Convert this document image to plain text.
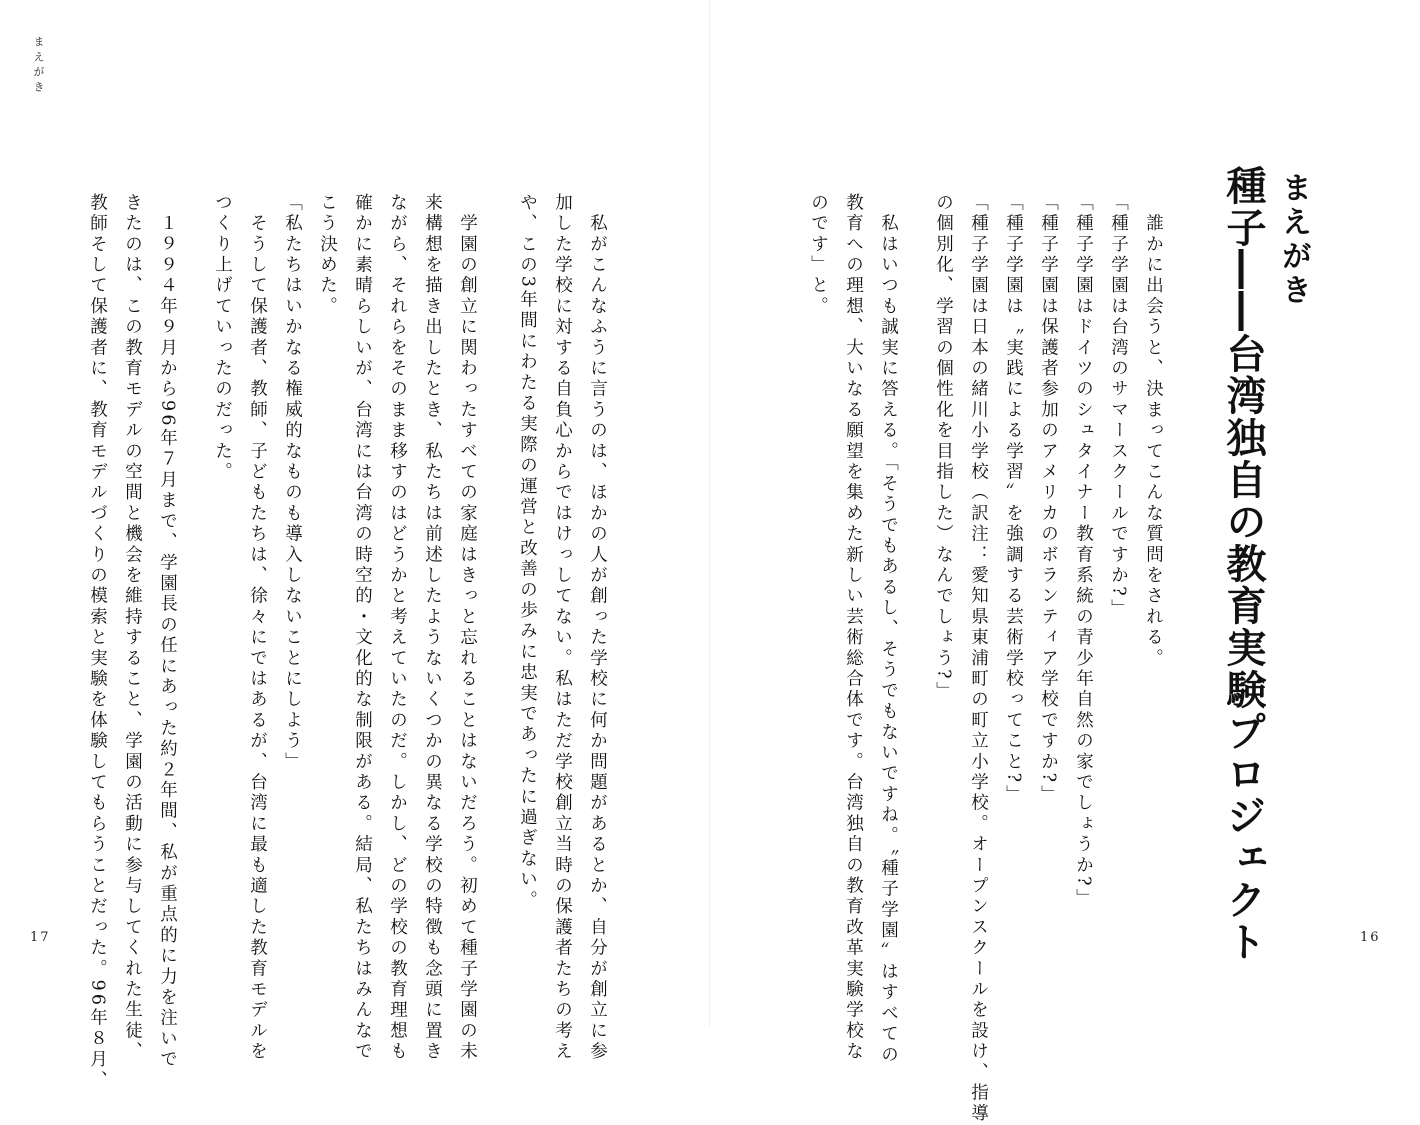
まえがき
種子――台湾独自の教育実験プロジェクト
　誰かに出会うと、決まってこんな質問をされる。
「種子学園は台湾のサマースクールですか?」
「種子学園はドイツのシュタイナー教育系統の青少年自然の家でしょうか?」
「種子学園は保護者参加のアメリカのボランティア学校ですか?」
「種子学園は〝実践による学習〟を強調する芸術学校ってこと?」
「種子学園は日本の緒川小学校（訳注：愛知県東浦町の町立小学校。オープンスクールを設け、指導
の個別化、学習の個性化を目指した）なんでしょう?」
　私はいつも誠実に答える。「そうでもあるし、そうでもないですね。〝種子学園〟はすべての
教育への理想、大いなる願望を集めた新しい芸術総合体です。台湾独自の教育改革実験学校な
のです」と。
16
まえがき
　私がこんなふうに言うのは、ほかの人が創った学校に何か問題があるとか、自分が創立に参
加した学校に対する自負心からではけっしてない。私はただ学校創立当時の保護者たちの考え
や、この3年間にわたる実際の運営と改善の歩みに忠実であったに過ぎない。
　学園の創立に関わったすべての家庭はきっと忘れることはないだろう。初めて種子学園の未
来構想を描き出したとき、私たちは前述したようないくつかの異なる学校の特徴も念頭に置き
ながら、それらをそのまま移すのはどうかと考えていたのだ。しかし、どの学校の教育理想も
確かに素晴らしいが、台湾には台湾の時空的・文化的な制限がある。結局、私たちはみんなで
こう決めた。
「私たちはいかなる権威的なものも導入しないことにしよう」
　そうして保護者、教師、子どもたちは、徐々にではあるが、台湾に最も適した教育モデルを
つくり上げていったのだった。
　１９９４年９月から96年７月まで、学園長の任にあった約２年間、私が重点的に力を注いで
きたのは、この教育モデルの空間と機会を維持すること、学園の活動に参与してくれた生徒、
教師そして保護者に、教育モデルづくりの模索と実験を体験してもらうことだった。96年８月、
17
